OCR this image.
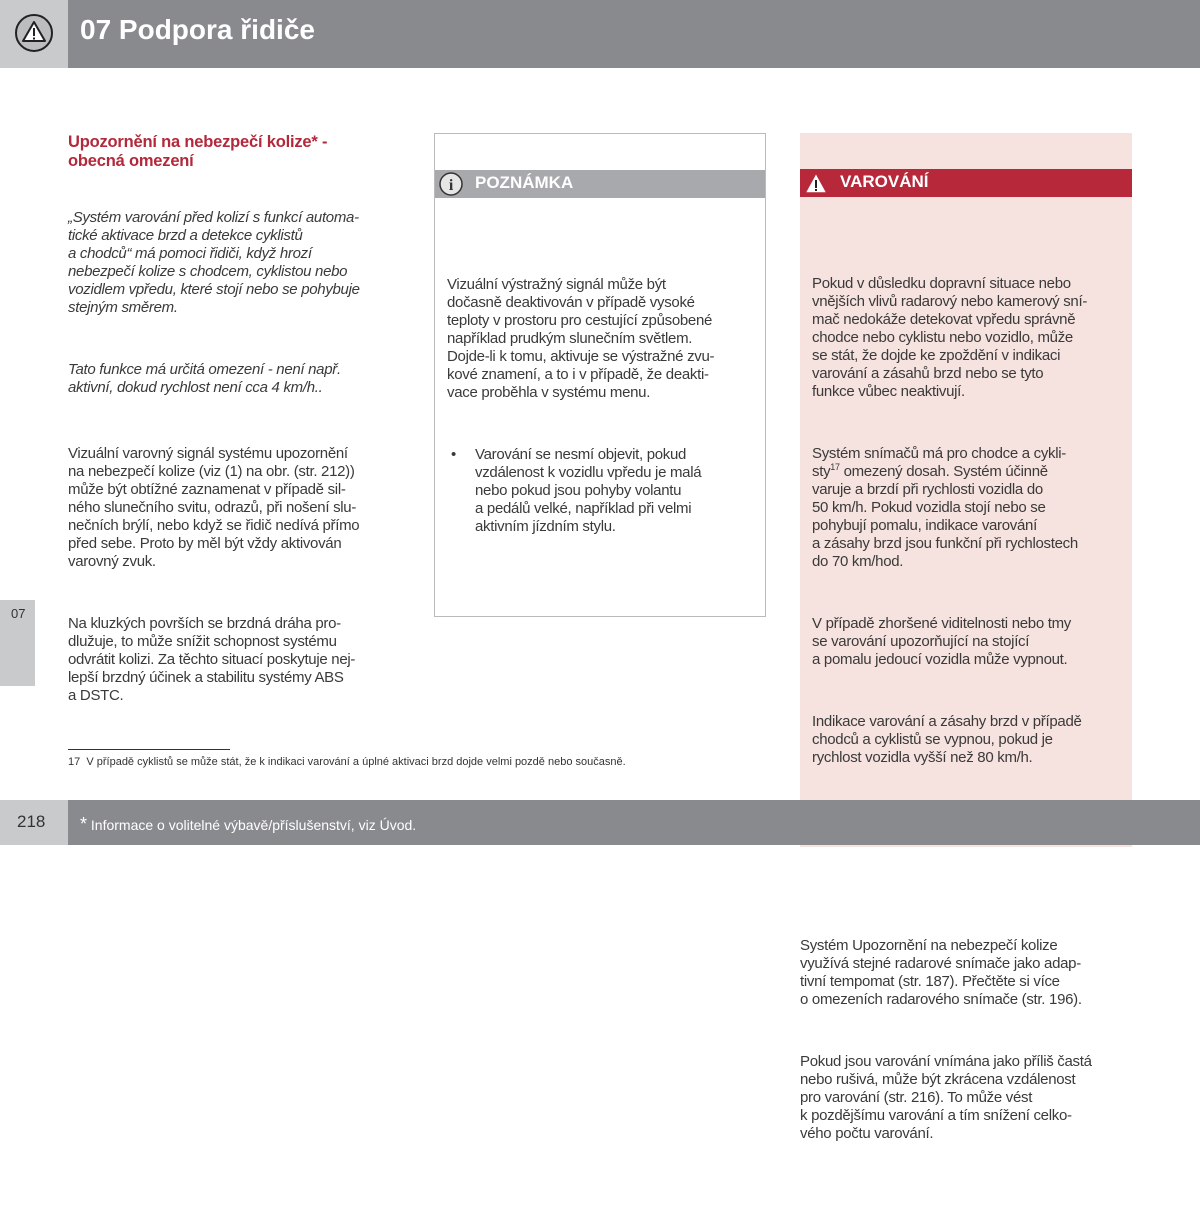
07 Podpora řidiče

Upozornění na nebezpečí kolize* -
obecná omezení

„Systém varování před kolizí s funkcí automa-
tické aktivace brzd a detekce cyklistů
a chodců“ má pomoci řidiči, když hrozí
nebezpečí kolize s chodcem, cyklistou nebo
vozidlem vpředu, které stojí nebo se pohybuje
stejným směrem.

Tato funkce má určitá omezení - není např.
aktivní, dokud rychlost není cca 4 km/h..

Vizuální varovný signál systému upozornění
na nebezpečí kolize (viz (1) na obr. (str. 212))
může být obtížné zaznamenat v případě sil-
ného slunečního svitu, odrazů, při nošení slu-
nečních brýlí, nebo když se řidič nedívá přímo
před sebe. Proto by měl být vždy aktivován
varovný zvuk.

Na kluzkých površích se brzdná dráha pro-
dlužuje, to může snížit schopnost systému
odvrátit kolizi. Za těchto situací poskytuje nej-
lepší brzdný účinek a stabilitu systémy ABS
a DSTC.

i

POZNÁMKA

Vizuální výstražný signál může být
dočasně deaktivován v případě vysoké
teploty v prostoru pro cestující způsobené
například prudkým slunečním světlem.
Dojde-li k tomu, aktivuje se výstražné zvu-
kové znamení, a to i v případě, že deakti-
vace proběhla v systému menu.

•	Varování se nesmí objevit, pokud
vzdálenost k vozidlu vpředu je malá
nebo pokud jsou pohyby volantu
a pedálů velké, například při velmi
aktivním jízdním stylu.

VAROVÁNÍ

Pokud v důsledku dopravní situace nebo
vnějších vlivů radarový nebo kamerový sní-
mač nedokáže detekovat vpředu správně
chodce nebo cyklistu nebo vozidlo, může
se stát, že dojde ke zpoždění v indikaci
varování a zásahů brzd nebo se tyto
funkce vůbec neaktivují.

Systém snímačů má pro chodce a cykli-
sty$^{17}$ omezený dosah. Systém účinně
varuje a brzdí při rychlosti vozidla do
50 km/h. Pokud vozidla stojí nebo se
pohybují pomalu, indikace varování
a zásahy brzd jsou funkční při rychlostech
do 70 km/hod.

V případě zhoršené viditelnosti nebo tmy
se varování upozorňující na stojící
a pomalu jedoucí vozidla může vypnout.

Indikace varování a zásahy brzd v případě
chodců a cyklistů se vypnou, pokud je
rychlost vozidla vyšší než 80 km/h.

Systém Upozornění na nebezpečí kolize
využívá stejné radarové snímače jako adap-
tivní tempomat (str. 187). Přečtěte si více
o omezeních radarového snímače (str. 196).

Pokud jsou varování vnímána jako příliš častá
nebo rušivá, může být zkrácena vzdálenost
pro varování (str. 216). To může vést
k pozdějšímu varování a tím snížení celko-
vého počtu varování.

07
17  V případě cyklistů se může stát, že k indikaci varování a úplné aktivaci brzd dojde velmi pozdě nebo současně.
218	* Informace o volitelné výbavě/příslušenství, viz Úvod.
